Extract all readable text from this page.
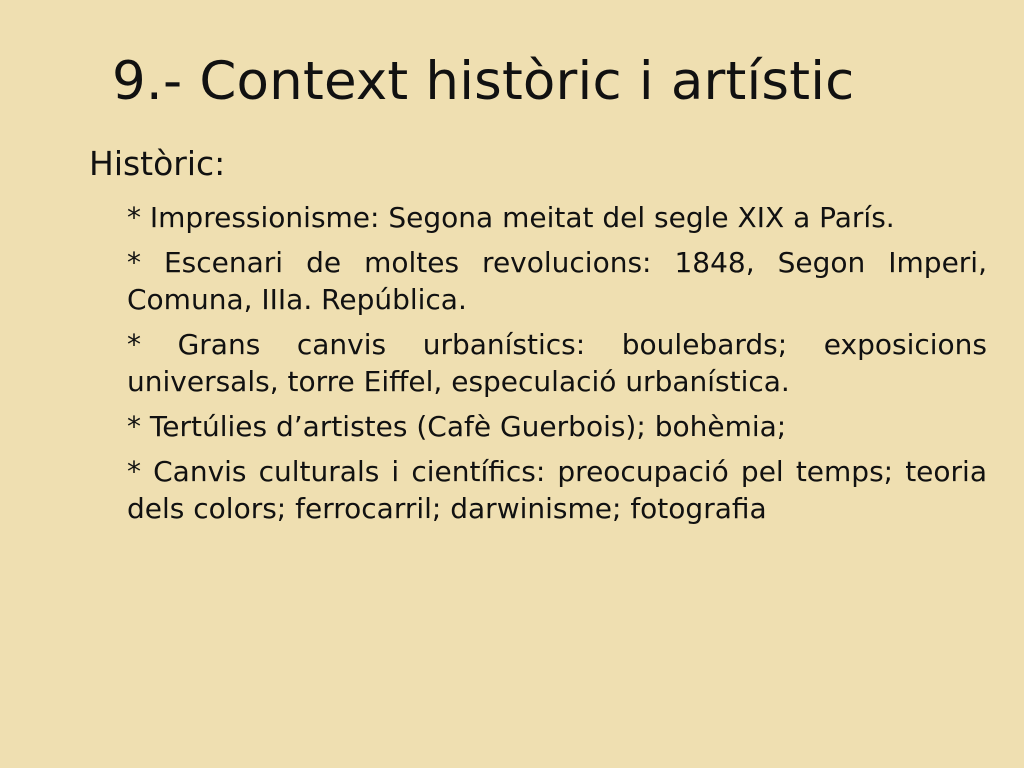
9.- Context històric i artístic
Històric:
* Impressionisme: Segona meitat del segle XIX a París.
* Escenari de moltes revolucions: 1848, Segon Imperi, Comuna, IIIa. República.
* Grans canvis urbanístics: boulebards; exposicions universals, torre Eiffel, especulació urbanística.
* Tertúlies d’artistes (Cafè Guerbois); bohèmia;
* Canvis culturals i científics: preocupació pel temps; teoria dels colors; ferrocarril; darwinisme; fotografia
